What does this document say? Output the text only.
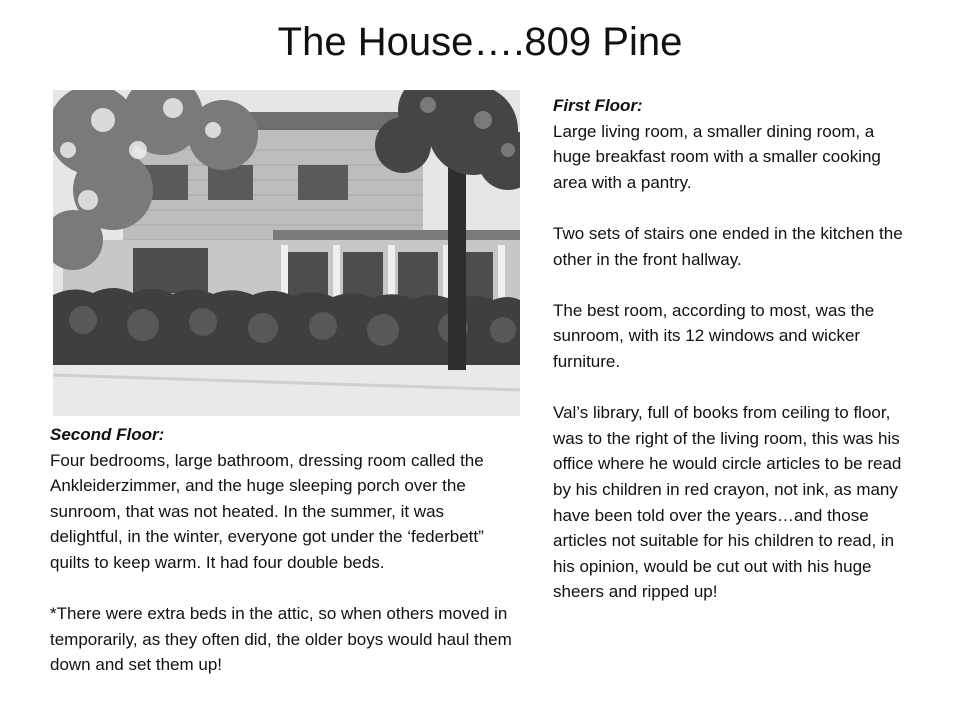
The House….809 Pine
First Floor:
Large living room, a smaller dining room, a huge breakfast room with a smaller cooking area with a pantry.
Two sets of stairs one ended in the kitchen the other in the front hallway.
The best room, according to most, was the sunroom, with its 12 windows and wicker furniture.
Val’s library, full of books from ceiling to floor, was to the right of the living room, this was his office where he would circle articles to be read by his children in red crayon, not ink, as many have been told over the years…and those articles not suitable for his children to read, in his opinion, would be cut out with his huge sheers and ripped up!
Second Floor:
Four bedrooms, large bathroom, dressing room called the Ankleiderzimmer, and the huge sleeping porch over the sunroom, that was not heated. In the summer, it was delightful, in the winter, everyone got under the ‘federbett” quilts to keep warm. It had four double beds.
*There were extra beds in the attic, so when others moved in temporarily, as they often did, the older boys would haul them down and set them up!
